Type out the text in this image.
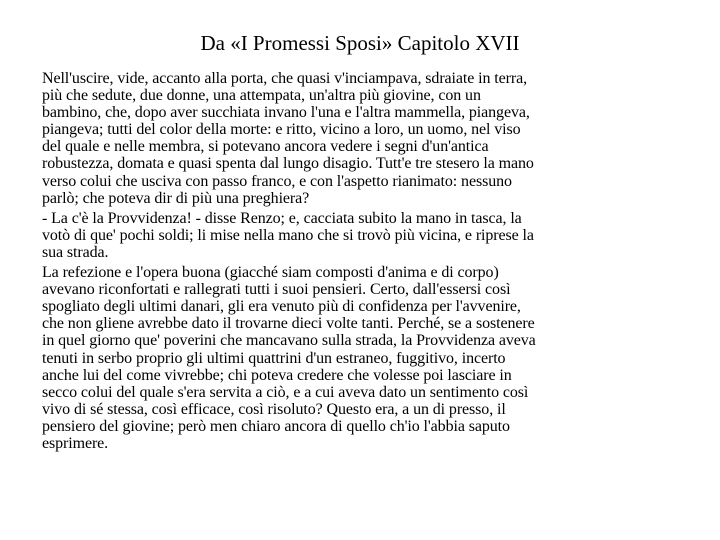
Da «I Promessi Sposi» Capitolo XVII

Nell'uscire, vide, accanto alla porta, che quasi v'inciampava, sdraiate in terra,
più che sedute, due donne, una attempata, un'altra più giovine, con un
bambino, che, dopo aver succhiata invano l'una e l'altra mammella, piangeva,
piangeva; tutti del color della morte: e ritto, vicino a loro, un uomo, nel viso
del quale e nelle membra, si potevano ancora vedere i segni d'un'antica
robustezza, domata e quasi spenta dal lungo disagio. Tutt'e tre stesero la mano
verso colui che usciva con passo franco, e con l'aspetto rianimato: nessuno
parlò; che poteva dir di più una preghiera?

- La c'è la Provvidenza! - disse Renzo; e, cacciata subito la mano in tasca, la
votò di que' pochi soldi; li mise nella mano che si trovò più vicina, e riprese la
sua strada.

La refezione e l'opera buona (giacché siam composti d'anima e di corpo)
avevano riconfortati e rallegrati tutti i suoi pensieri. Certo, dall'essersi così
spogliato degli ultimi danari, gli era venuto più di confidenza per l'avvenire,
che non gliene avrebbe dato il trovarne dieci volte tanti. Perché, se a sostenere
in quel giorno que' poverini che mancavano sulla strada, la Provvidenza aveva
tenuti in serbo proprio gli ultimi quattrini d'un estraneo, fuggitivo, incerto
anche lui del come vivrebbe; chi poteva credere che volesse poi lasciare in
secco colui del quale s'era servita a ciò, e a cui aveva dato un sentimento così
vivo di sé stessa, così efficace, così risoluto? Questo era, a un di presso, il
pensiero del giovine; però men chiaro ancora di quello ch'io l'abbia saputo
esprimere.
